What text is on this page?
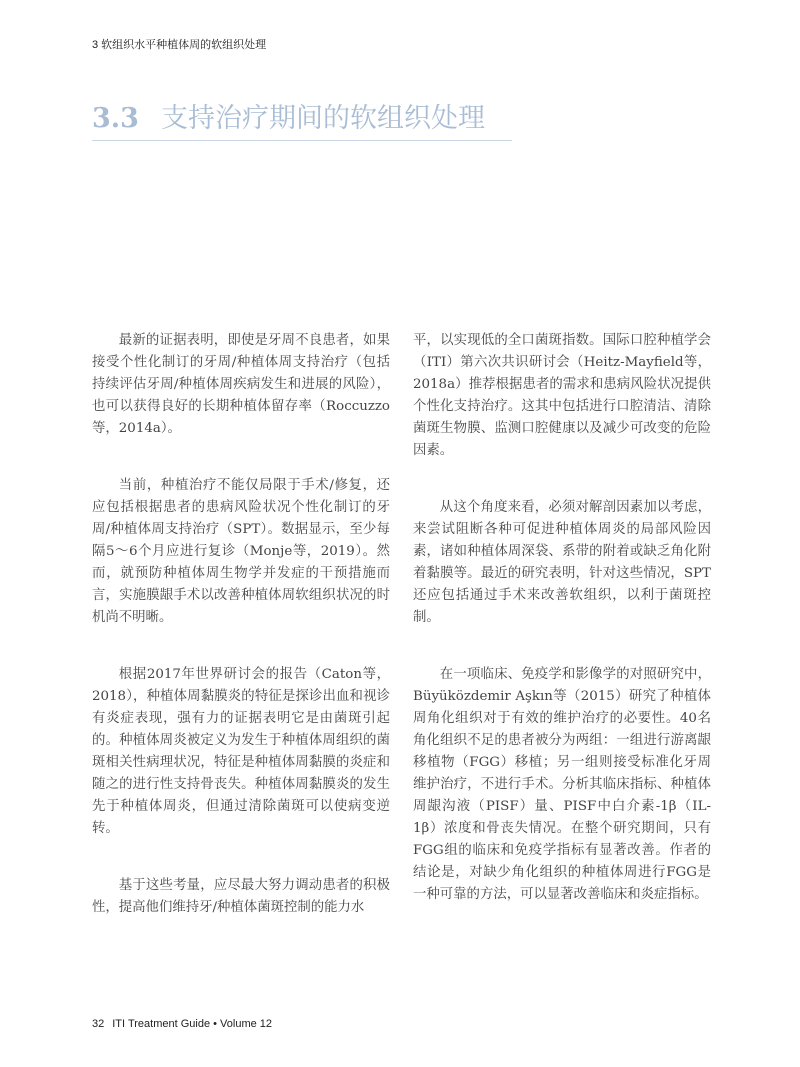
3 软组织水平种植体周的软组织处理
3.3 支持治疗期间的软组织处理

最新的证据表明，即使是牙周不良患者，如果接受个性化制订的牙周/种植体周支持治疗（包括持续评估牙周/种植体周疾病发生和进展的风险），也可以获得良好的长期种植体留存率（Roccuzzo等，2014a）。

当前，种植治疗不能仅局限于手术/修复，还应包括根据患者的患病风险状况个性化制订的牙周/种植体周支持治疗（SPT）。数据显示，至少每隔5～6个月应进行复诊（Monje等，2019）。然而，就预防种植体周生物学并发症的干预措施而言，实施膜龈手术以改善种植体周软组织状况的时机尚不明晰。

根据2017年世界研讨会的报告（Caton等，2018），种植体周黏膜炎的特征是探诊出血和视诊有炎症表现，强有力的证据表明它是由菌斑引起的。种植体周炎被定义为发生于种植体周组织的菌斑相关性病理状况，特征是种植体周黏膜的炎症和随之的进行性支持骨丧失。种植体周黏膜炎的发生先于种植体周炎，但通过清除菌斑可以使病变逆转。

基于这些考量，应尽最大努力调动患者的积极性，提高他们维持牙/种植体菌斑控制的能力水

平，以实现低的全口菌斑指数。国际口腔种植学会（ITI）第六次共识研讨会（Heitz-Mayfield等，2018a）推荐根据患者的需求和患病风险状况提供个性化支持治疗。这其中包括进行口腔清洁、清除菌斑生物膜、监测口腔健康以及减少可改变的危险因素。

从这个角度来看，必须对解剖因素加以考虑，来尝试阻断各种可促进种植体周炎的局部风险因素，诸如种植体周深袋、系带的附着或缺乏角化附着黏膜等。最近的研究表明，针对这些情况，SPT还应包括通过手术来改善软组织，以利于菌斑控制。

在一项临床、免疫学和影像学的对照研究中，Büyüközdemir Aşkın等（2015）研究了种植体周角化组织对于有效的维护治疗的必要性。40名角化组织不足的患者被分为两组：一组进行游离龈移植物（FGG）移植；另一组则接受标准化牙周维护治疗，不进行手术。分析其临床指标、种植体周龈沟液（PISF）量、PISF中白介素-1β（IL-1β）浓度和骨丧失情况。在整个研究期间，只有FGG组的临床和免疫学指标有显著改善。作者的结论是，对缺少角化组织的种植体周进行FGG是一种可靠的方法，可以显著改善临床和炎症指标。

32 ITI Treatment Guide • Volume 12
